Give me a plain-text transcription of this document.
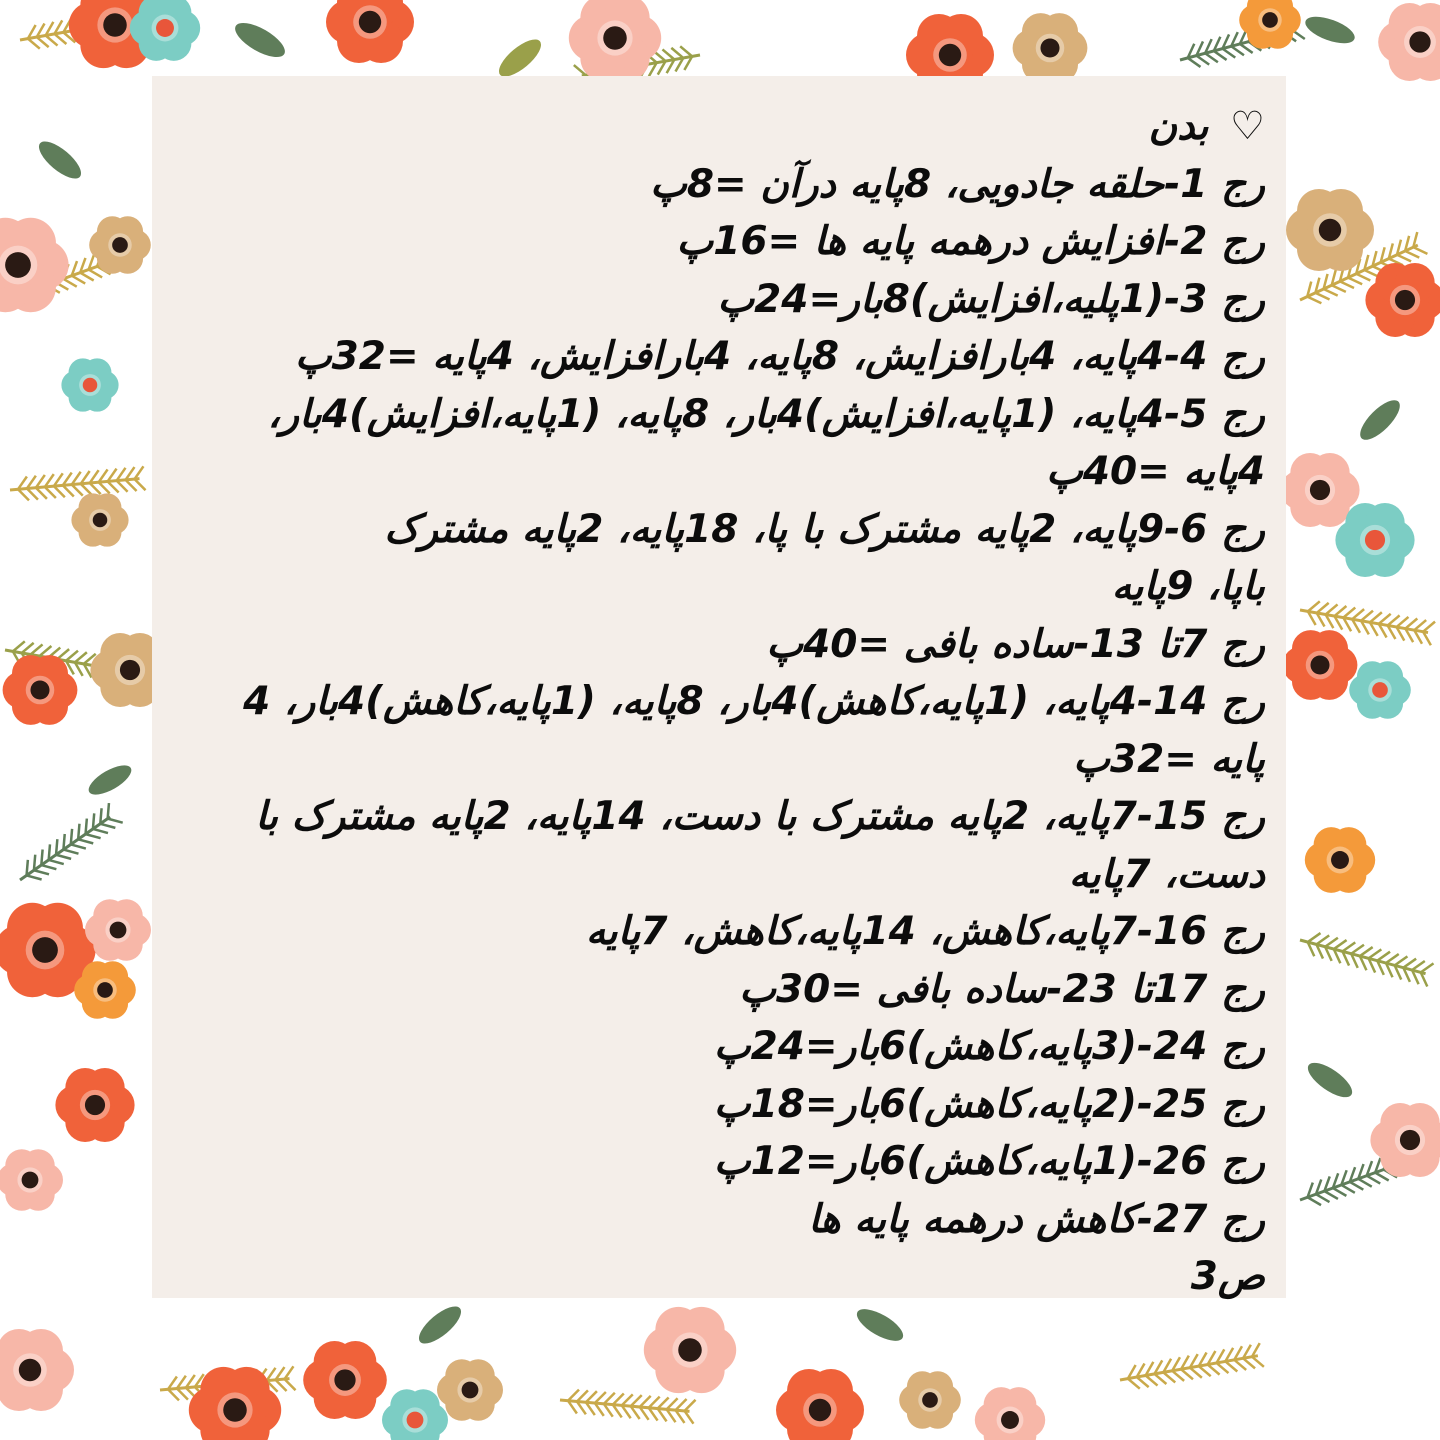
♡ بدن
رج 1-حلقه جادویی، 8پایه درآن =8پ
رج 2-افزایش درهمه پایه ها =16پ
رج 3-(1پلیه،افزایش)8بار=24پ
رج 4-4پایه، 4بارافزایش، 8پایه، 4بارافزایش، 4پایه =32پ
رج 5-4پایه، (1پایه،افزایش)4بار، 8پایه، (1پایه،افزایش)4بار،
4پایه =40پ
رج 6-9پایه، 2پایه مشترک با پا، 18پایه، 2پایه مشترک
باپا، 9پایه
رج 7تا 13-ساده بافی =40پ
رج 14-4پایه، (1پایه،کاهش)4بار، 8پایه، (1پایه،کاهش)4بار، 4
پایه =32پ
رج 15-7پایه، 2پایه مشترک با دست، 14پایه، 2پایه مشترک با
دست، 7پایه
رج 16-7پایه،کاهش، 14پایه،کاهش، 7پایه
رج 17تا 23-ساده بافی =30پ
رج 24-(3پایه،کاهش)6بار=24پ
رج 25-(2پایه،کاهش)6بار=18پ
رج 26-(1پایه،کاهش)6بار=12پ
رج 27-کاهش درهمه پایه ها
ص3
